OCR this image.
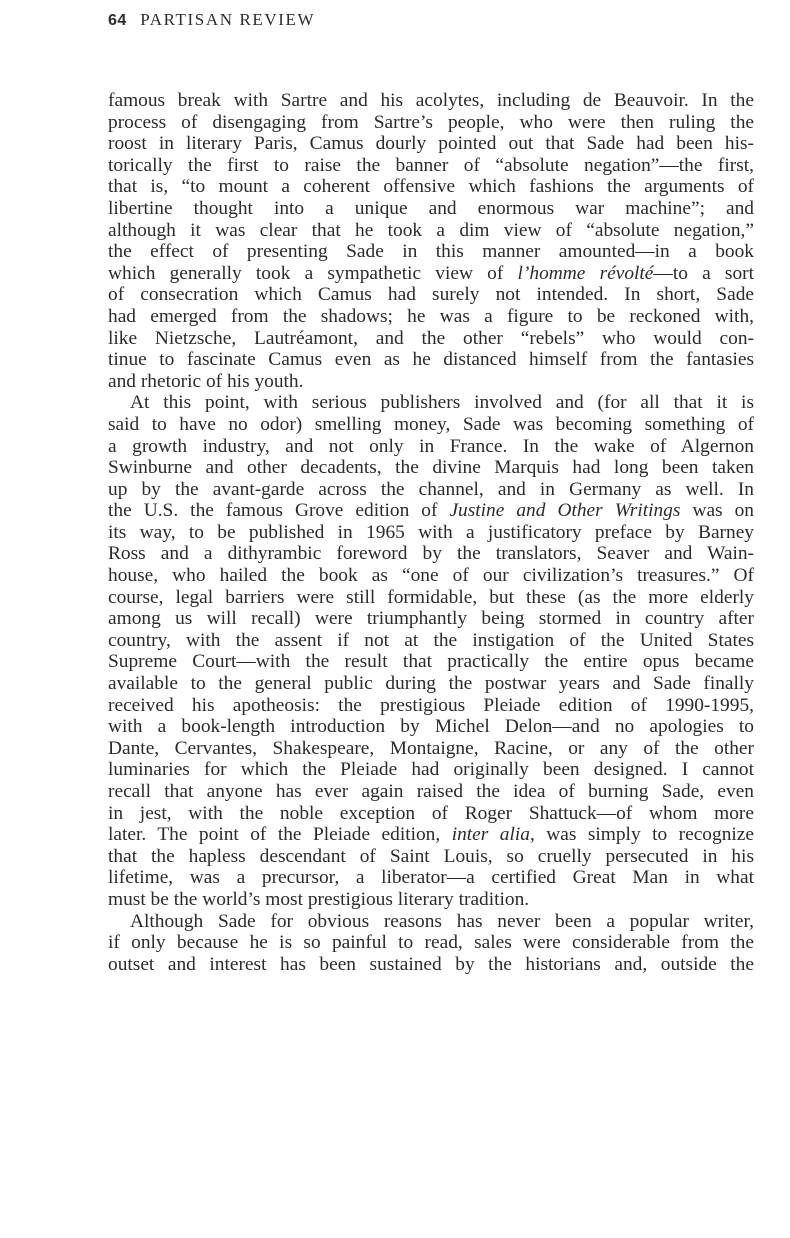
64 PARTISAN REVIEW
famous break with Sartre and his acolytes, including de Beauvoir. In the
process of disengaging from Sartre’s people, who were then ruling the
roost in literary Paris, Camus dourly pointed out that Sade had been his-
torically the first to raise the banner of “absolute negation”—the first,
that is, “to mount a coherent offensive which fashions the arguments of
libertine thought into a unique and enormous war machine”; and
although it was clear that he took a dim view of “absolute negation,”
the effect of presenting Sade in this manner amounted—in a book
which generally took a sympathetic view of l’homme révolté—to a sort
of consecration which Camus had surely not intended. In short, Sade
had emerged from the shadows; he was a figure to be reckoned with,
like Nietzsche, Lautréamont, and the other “rebels” who would con-
tinue to fascinate Camus even as he distanced himself from the fantasies
and rhetoric of his youth.
At this point, with serious publishers involved and (for all that it is
said to have no odor) smelling money, Sade was becoming something of
a growth industry, and not only in France. In the wake of Algernon
Swinburne and other decadents, the divine Marquis had long been taken
up by the avant-garde across the channel, and in Germany as well. In
the U.S. the famous Grove edition of Justine and Other Writings was on
its way, to be published in 1965 with a justificatory preface by Barney
Ross and a dithyrambic foreword by the translators, Seaver and Wain-
house, who hailed the book as “one of our civilization’s treasures.” Of
course, legal barriers were still formidable, but these (as the more elderly
among us will recall) were triumphantly being stormed in country after
country, with the assent if not at the instigation of the United States
Supreme Court—with the result that practically the entire opus became
available to the general public during the postwar years and Sade finally
received his apotheosis: the prestigious Pleiade edition of 1990-1995,
with a book-length introduction by Michel Delon—and no apologies to
Dante, Cervantes, Shakespeare, Montaigne, Racine, or any of the other
luminaries for which the Pleiade had originally been designed. I cannot
recall that anyone has ever again raised the idea of burning Sade, even
in jest, with the noble exception of Roger Shattuck—of whom more
later. The point of the Pleiade edition, inter alia, was simply to recognize
that the hapless descendant of Saint Louis, so cruelly persecuted in his
lifetime, was a precursor, a liberator—a certified Great Man in what
must be the world’s most prestigious literary tradition.
Although Sade for obvious reasons has never been a popular writer,
if only because he is so painful to read, sales were considerable from the
outset and interest has been sustained by the historians and, outside the
